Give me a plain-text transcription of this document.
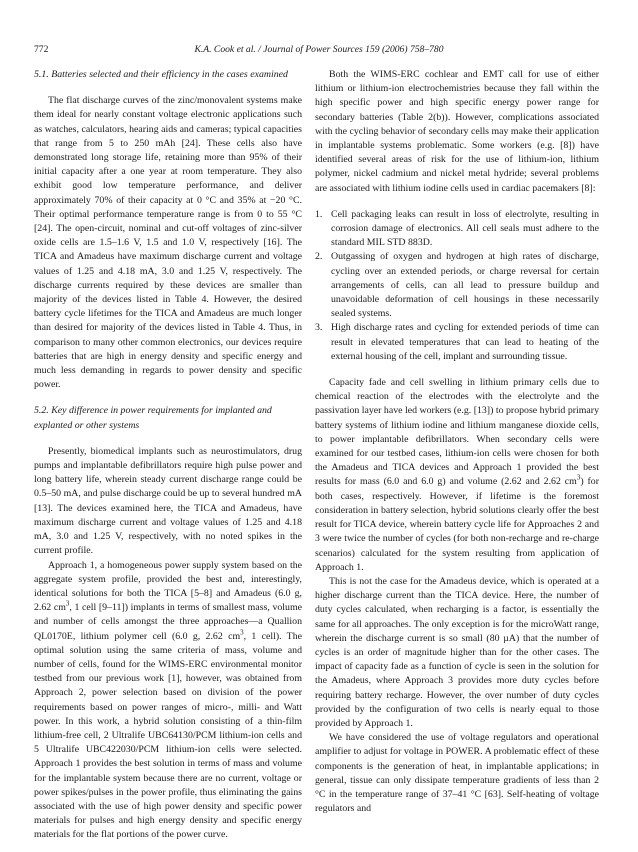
772	K.A. Cook et al. / Journal of Power Sources 159 (2006) 758–780
5.1. Batteries selected and their efficiency in the cases examined

The flat discharge curves of the zinc/monovalent systems make them ideal for nearly constant voltage electronic applications such as watches, calculators, hearing aids and cameras; typical capacities that range from 5 to 250 mAh [24]. These cells also have demonstrated long storage life, retaining more than 95% of their initial capacity after a one year at room temperature. They also exhibit good low temperature performance, and deliver approximately 70% of their capacity at 0 °C and 35% at −20 °C. Their optimal performance temperature range is from 0 to 55 °C [24]. The open-circuit, nominal and cut-off voltages of zinc-silver oxide cells are 1.5–1.6 V, 1.5 and 1.0 V, respectively [16]. The TICA and Amadeus have maximum discharge current and voltage values of 1.25 and 4.18 mA, 3.0 and 1.25 V, respectively. The discharge currents required by these devices are smaller than majority of the devices listed in Table 4. However, the desired battery cycle lifetimes for the TICA and Amadeus are much longer than desired for majority of the devices listed in Table 4. Thus, in comparison to many other common electronics, our devices require batteries that are high in energy density and specific energy and much less demanding in regards to power density and specific power.

5.2. Key difference in power requirements for implanted and explanted or other systems

Presently, biomedical implants such as neurostimulators, drug pumps and implantable defibrillators require high pulse power and long battery life, wherein steady current discharge range could be 0.5–50 mA, and pulse discharge could be up to several hundred mA [13]. The devices examined here, the TICA and Amadeus, have maximum discharge current and voltage values of 1.25 and 4.18 mA, 3.0 and 1.25 V, respectively, with no noted spikes in the current profile.

Approach 1, a homogeneous power supply system based on the aggregate system profile, provided the best and, interestingly, identical solutions for both the TICA [5–8] and Amadeus (6.0 g, 2.62 $cm^3$, 1 cell [9–11]) implants in terms of smallest mass, volume and number of cells amongst the three approaches—a Quallion QL0170E, lithium polymer cell (6.0 g, 2.62 $cm^3$, 1 cell). The optimal solution using the same criteria of mass, volume and number of cells, found for the WIMS-ERC environmental monitor testbed from our previous work [1], however, was obtained from Approach 2, power selection based on division of the power requirements based on power ranges of micro-, milli- and Watt power. In this work, a hybrid solution consisting of a thin-film lithium-free cell, 2 Ultralife UBC64130/PCM lithium-ion cells and 5 Ultralife UBC422030/PCM lithium-ion cells were selected. Approach 1 provides the best solution in terms of mass and volume for the implantable system because there are no current, voltage or power spikes/pulses in the power profile, thus eliminating the gains associated with the use of high power density and specific power materials for pulses and high energy density and specific energy materials for the flat portions of the power curve.

Both the WIMS-ERC cochlear and EMT call for use of either lithium or lithium-ion electrochemistries because they fall within the high specific power and high specific energy power range for secondary batteries (Table 2(b)). However, complications associated with the cycling behavior of secondary cells may make their application in implantable systems problematic. Some workers (e.g. [8]) have identified several areas of risk for the use of lithium-ion, lithium polymer, nickel cadmium and nickel metal hydride; several problems are associated with lithium iodine cells used in cardiac pacemakers [8]:

1. Cell packaging leaks can result in loss of electrolyte, resulting in corrosion damage of electronics. All cell seals must adhere to the standard MIL STD 883D.
2. Outgassing of oxygen and hydrogen at high rates of discharge, cycling over an extended periods, or charge reversal for certain arrangements of cells, can all lead to pressure buildup and unavoidable deformation of cell housings in these necessarily sealed systems.
3. High discharge rates and cycling for extended periods of time can result in elevated temperatures that can lead to heating of the external housing of the cell, implant and surrounding tissue.

Capacity fade and cell swelling in lithium primary cells due to chemical reaction of the electrodes with the electrolyte and the passivation layer have led workers (e.g. [13]) to propose hybrid primary battery systems of lithium iodine and lithium manganese dioxide cells, to power implantable defibrillators. When secondary cells were examined for our testbed cases, lithium-ion cells were chosen for both the Amadeus and TICA devices and Approach 1 provided the best results for mass (6.0 and 6.0 g) and volume (2.62 and 2.62 $cm^3$) for both cases, respectively. However, if lifetime is the foremost consideration in battery selection, hybrid solutions clearly offer the best result for TICA device, wherein battery cycle life for Approaches 2 and 3 were twice the number of cycles (for both non-recharge and re-charge scenarios) calculated for the system resulting from application of Approach 1.

This is not the case for the Amadeus device, which is operated at a higher discharge current than the TICA device. Here, the number of duty cycles calculated, when recharging is a factor, is essentially the same for all approaches. The only exception is for the microWatt range, wherein the discharge current is so small (80 µA) that the number of cycles is an order of magnitude higher than for the other cases. The impact of capacity fade as a function of cycle is seen in the solution for the Amadeus, where Approach 3 provides more duty cycles before requiring battery recharge. However, the over number of duty cycles provided by the configuration of two cells is nearly equal to those provided by Approach 1.

We have considered the use of voltage regulators and operational amplifier to adjust for voltage in POWER. A problematic effect of these components is the generation of heat, in implantable applications; in general, tissue can only dissipate temperature gradients of less than 2 °C in the temperature range of 37–41 °C [63]. Self-heating of voltage regulators and
